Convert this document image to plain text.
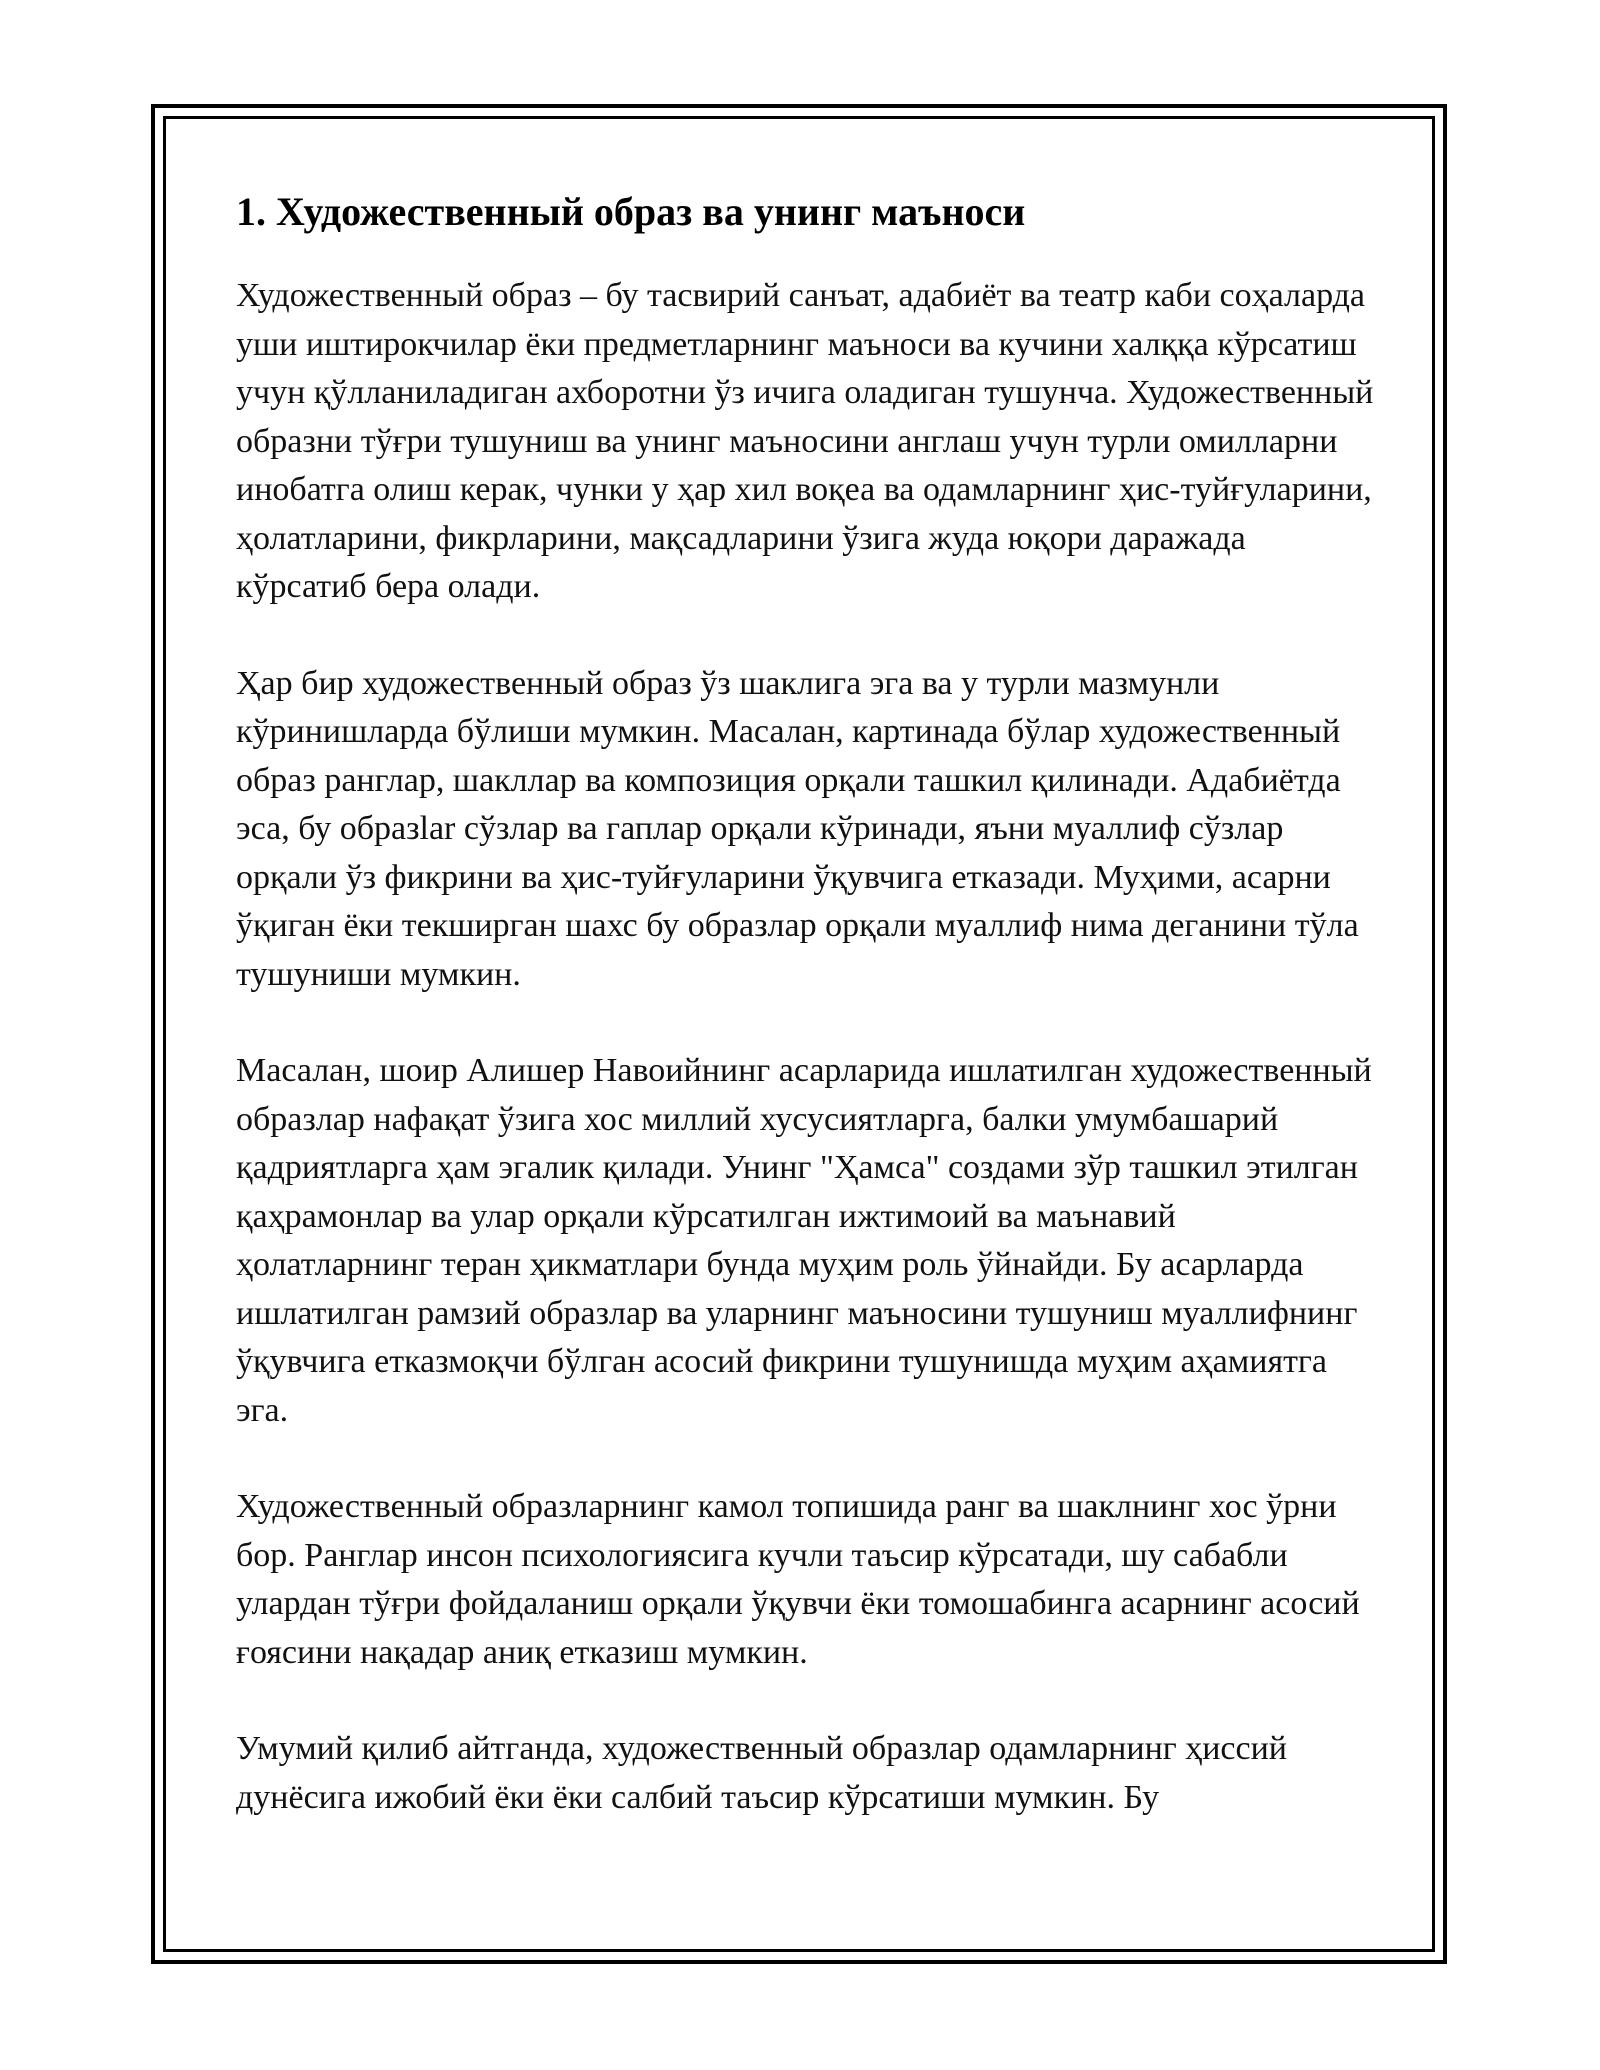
1. Художественный образ ва унинг маъноси

Художественный образ – бу тасвирий санъат, адабиёт ва театр каби соҳаларда уши иштирокчилар ёки предметларнинг маъноси ва кучини халққа кўрсатиш учун қўлланиладиган ахборотни ўз ичига оладиган тушунча. Художественный образни тўғри тушуниш ва унинг маъносини англаш учун турли омилларни инобатга олиш керак, чунки у ҳар хил воқеа ва одамларнинг ҳис-туйғуларини, ҳолатларини, фикрларини, мақсадларини ўзига жуда юқори даражада кўрсатиб бера олади.

Ҳар бир художественный образ ўз шаклига эга ва у турли мазмунли кўринишларда бўлиши мумкин. Масалан, картинада бўлар художественный образ ранглар, шакллар ва композиция орқали ташкил қилинади. Адабиётда эса, бу образlar сўзлар ва гаплар орқали кўринади, яъни муаллиф сўзлар орқали ўз фикрини ва ҳис-туйғуларини ўқувчига етказади. Муҳими, асарни ўқиган ёки текширган шахс бу образлар орқали муаллиф нима деганини тўла тушуниши мумкин.

Масалан, шоир Алишер Навоийнинг асарларида ишлатилган художественный образлар нафақат ўзига хос миллий хусусиятларга, балки умумбашарий қадриятларга ҳам эгалик қилади. Унинг "Ҳамса" создами зўр ташкил этилган қаҳрамонлар ва улар орқали кўрсатилган ижтимоий ва маънавий ҳолатларнинг теран ҳикматлари бунда муҳим роль ўйнайди. Бу асарларда ишлатилган рамзий образлар ва уларнинг маъносини тушуниш муаллифнинг ўқувчига етказмоқчи бўлган асосий фикрини тушунишда муҳим аҳамиятга эга.

Художественный образларнинг камол топишида ранг ва шаклнинг хос ўрни бор. Ранглар инсон психологиясига кучли таъсир кўрсатади, шу сабабли улардан тўғри фойдаланиш орқали ўқувчи ёки томошабинга асарнинг асосий ғоясини нақадар аниқ етказиш мумкин.

Умумий қилиб айтганда, художественный образлар одамларнинг ҳиссий дунёсига ижобий ёки ёки салбий таъсир кўрсатиши мумкин. Бу
